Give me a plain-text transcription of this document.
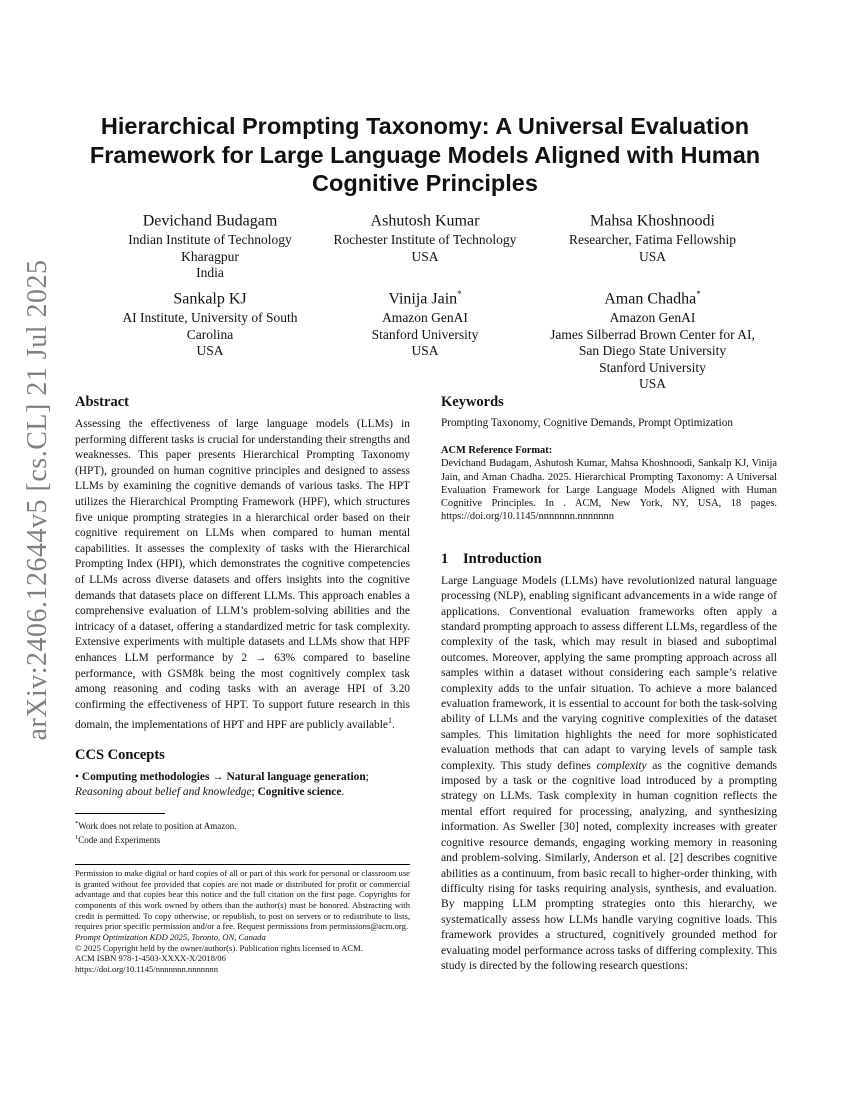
arXiv:2406.12644v5 [cs.CL] 21 Jul 2025
Hierarchical Prompting Taxonomy: A Universal Evaluation Framework for Large Language Models Aligned with Human Cognitive Principles
Devichand Budagam
Indian Institute of Technology
Kharagpur
India
Ashutosh Kumar
Rochester Institute of Technology
USA
Mahsa Khoshnoodi
Researcher, Fatima Fellowship
USA
Sankalp KJ
AI Institute, University of South
Carolina
USA
Vinija Jain*
Amazon GenAI
Stanford University
USA
Aman Chadha*
Amazon GenAI
James Silberrad Brown Center for AI,
San Diego State University
Stanford University
USA
Abstract

Assessing the effectiveness of large language models (LLMs) in performing different tasks is crucial for understanding their strengths and weaknesses. This paper presents Hierarchical Prompting Taxonomy (HPT), grounded on human cognitive principles and designed to assess LLMs by examining the cognitive demands of various tasks. The HPT utilizes the Hierarchical Prompting Framework (HPF), which structures five unique prompting strategies in a hierarchical order based on their cognitive requirement on LLMs when compared to human mental capabilities. It assesses the complexity of tasks with the Hierarchical Prompting Index (HPI), which demonstrates the cognitive competencies of LLMs across diverse datasets and offers insights into the cognitive demands that datasets place on different LLMs. This approach enables a comprehensive evaluation of LLM’s problem-solving abilities and the intricacy of a dataset, offering a standardized metric for task complexity. Extensive experiments with multiple datasets and LLMs show that HPF enhances LLM performance by 2 → 63% compared to baseline performance, with GSM8k being the most cognitively complex task among reasoning and coding tasks with an average HPI of 3.20 confirming the effectiveness of HPT. To support future research in this domain, the implementations of HPT and HPF are publicly available$^1$.

CCS Concepts

• Computing methodologies → Natural language generation; Reasoning about belief and knowledge; Cognitive science.

*Work does not relate to position at Amazon.

$^1$Code and Experiments

Permission to make digital or hard copies of all or part of this work for personal or classroom use is granted without fee provided that copies are not made or distributed for profit or commercial advantage and that copies bear this notice and the full citation on the first page. Copyrights for components of this work owned by others than the author(s) must be honored. Abstracting with credit is permitted. To copy otherwise, or republish, to post on servers or to redistribute to lists, requires prior specific permission and/or a fee. Request permissions from permissions@acm.org.

Prompt Optimization KDD 2025, Toronto, ON, Canada

© 2025 Copyright held by the owner/author(s). Publication rights licensed to ACM.

ACM ISBN 978-1-4503-XXXX-X/2018/06

https://doi.org/10.1145/nnnnnnn.nnnnnnn

Keywords

Prompting Taxonomy, Cognitive Demands, Prompt Optimization

ACM Reference Format:

Devichand Budagam, Ashutosh Kumar, Mahsa Khoshnoodi, Sankalp KJ, Vinija Jain, and Aman Chadha. 2025. Hierarchical Prompting Taxonomy: A Universal Evaluation Framework for Large Language Models Aligned with Human Cognitive Principles. In . ACM, New York, NY, USA, 18 pages. https://doi.org/10.1145/nnnnnnn.nnnnnnn

1 Introduction

Large Language Models (LLMs) have revolutionized natural language processing (NLP), enabling significant advancements in a wide range of applications. Conventional evaluation frameworks often apply a standard prompting approach to assess different LLMs, regardless of the complexity of the task, which may result in biased and suboptimal outcomes. Moreover, applying the same prompting approach across all samples within a dataset without considering each sample’s relative complexity adds to the unfair situation. To achieve a more balanced evaluation framework, it is essential to account for both the task-solving ability of LLMs and the varying cognitive complexities of the dataset samples. This limitation highlights the need for more sophisticated evaluation methods that can adapt to varying levels of sample task complexity. This study defines complexity as the cognitive demands imposed by a task or the cognitive load introduced by a prompting strategy on LLMs. Task complexity in human cognition reflects the mental effort required for processing, analyzing, and synthesizing information. As Sweller [30] noted, complexity increases with greater cognitive resource demands, engaging working memory in reasoning and problem-solving. Similarly, Anderson et al. [2] describes cognitive abilities as a continuum, from basic recall to higher-order thinking, with difficulty rising for tasks requiring analysis, synthesis, and evaluation. By mapping LLM prompting strategies onto this hierarchy, we systematically assess how LLMs handle varying cognitive loads. This framework provides a structured, cognitively grounded method for evaluating model performance across tasks of differing complexity. This study is directed by the following research questions:
